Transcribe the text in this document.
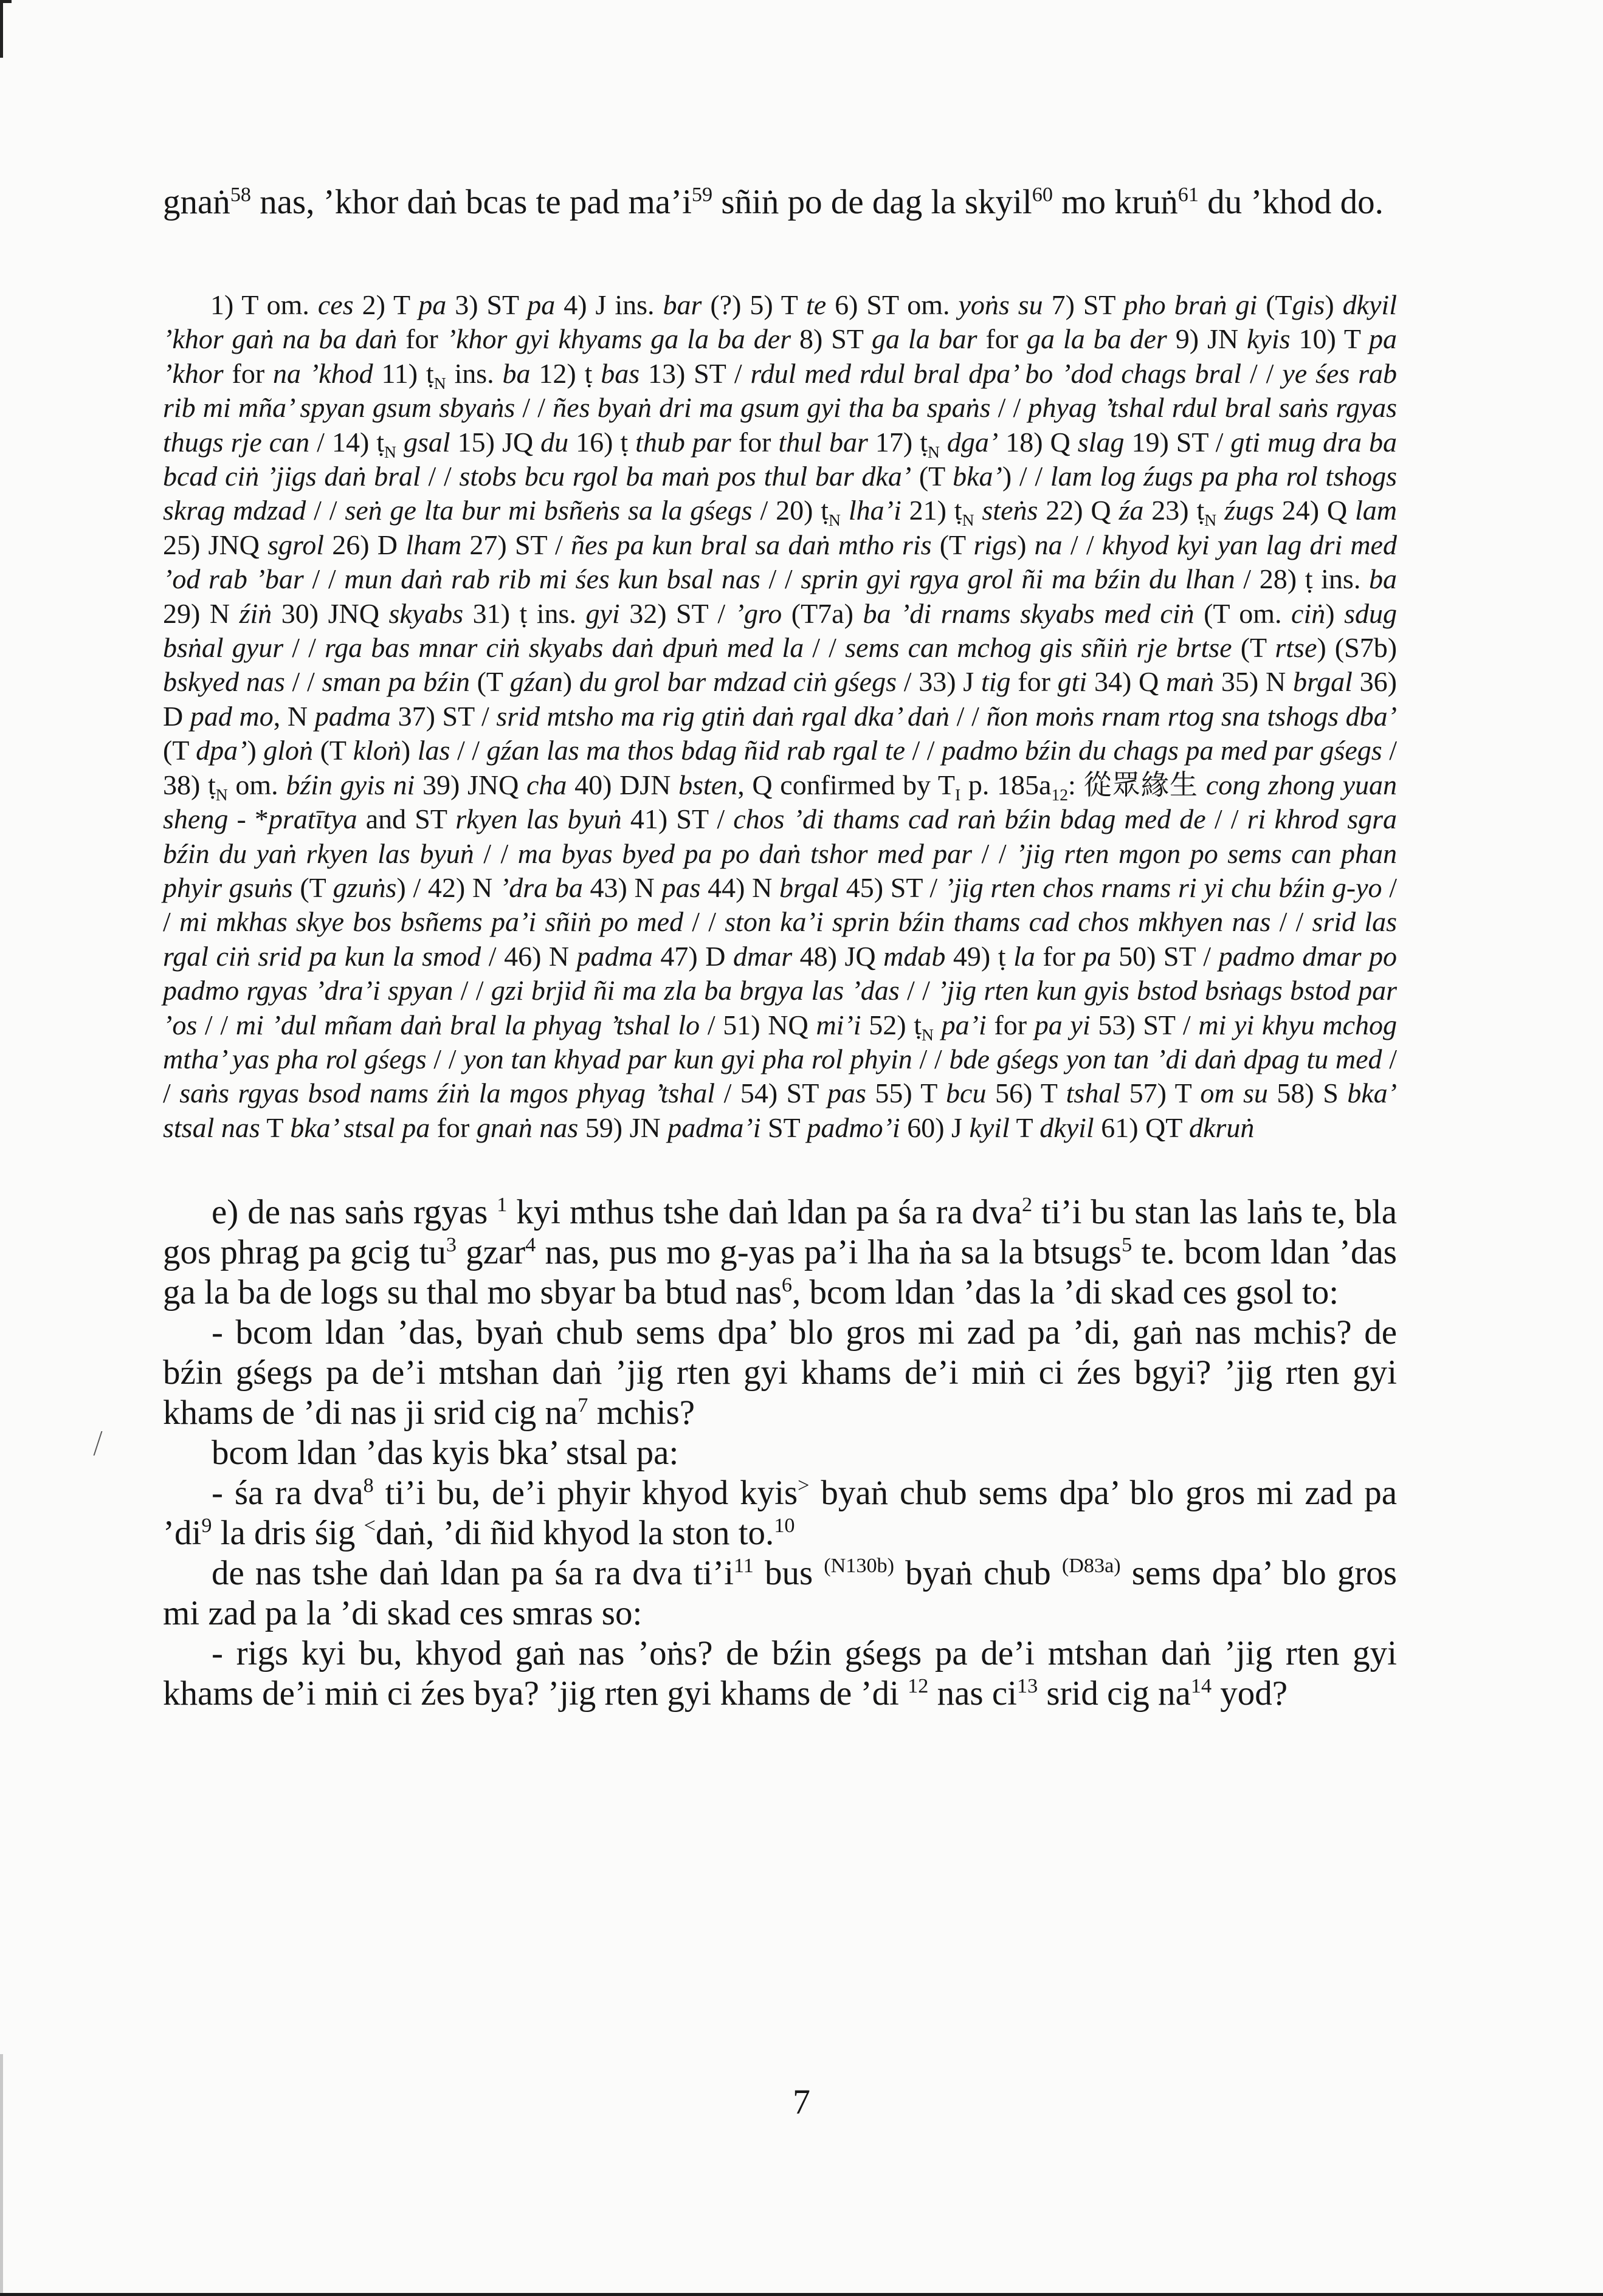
gnaṅ$^{58}$ nas, ’khor daṅ bcas te pad $ma’i^{59}$ sñiṅ po de dag la skyil$^{60}$ mo kruṅ$^{61}$ du ’khod do.

1) T om. ces 2) T pa 3) ST pa 4) J ins. bar (?) 5) T te 6) ST om. yoṅs su 7) ST pho braṅ gi (Tgis) dkyil ’khor gaṅ na ba daṅ for ’khor gyi khyams ga la ba der 8) ST ga la bar for ga la ba der 9) JN kyis 10) T pa ’khor for na ’khod 11) ṭ$_N$ ins. ba 12) ṭ bas 13) ST / rdul med rdul bral dpa’ bo ’dod chags bral / / ye śes rab rib mi mña’ spyan gsum sbyaṅs / / ñes byaṅ dri ma gsum gyi tha ba spaṅs / / phyag ’tshal rdul bral saṅs rgyas thugs rje can / 14) ṭ$_N$ gsal 15) JQ du 16) ṭ thub par for thul bar 17) ṭ$_N$ dga’ 18) Q slag 19) ST / gti mug dra ba bcad ciṅ ’jigs daṅ bral / / stobs bcu rgol ba maṅ pos thul bar dka’ (T bka’) / / lam log źugs pa pha rol tshogs skrag mdzad / / seṅ ge lta bur mi bsñeṅs sa la gśegs / 20) ṭ$_N$ lha’i 21) ṭ$_N$ steṅs 22) Q źa 23) ṭ$_N$ źugs 24) Q lam 25) JNQ sgrol 26) D lham 27) ST / ñes pa kun bral sa daṅ mtho ris (T rigs) na / / khyod kyi yan lag dri med ’od rab ’bar / / mun daṅ rab rib mi śes kun bsal nas / / sprin gyi rgya grol ñi ma bźin du lhan / 28) ṭ ins. ba 29) N źiṅ 30) JNQ skyabs 31) ṭ ins. gyi 32) ST / ’gro (T7a) ba ’di rnams skyabs med ciṅ (T om. ciṅ) sdug bsṅal gyur / / rga bas mnar ciṅ skyabs daṅ dpuṅ med la / / sems can mchog gis sñiṅ rje brtse (T rtse) (S7b) bskyed nas / / sman pa bźin (T gźan) du grol bar mdzad ciṅ gśegs / 33) J tig for gti 34) Q maṅ 35) N brgal 36) D pad mo, N padma 37) ST / srid mtsho ma rig gtiṅ daṅ rgal dka’ daṅ / / ñon moṅs rnam rtog sna tshogs dba’ (T dpa’) gloṅ (T kloṅ) las / / gźan las ma thos bdag ñid rab rgal te / / padmo bźin du chags pa med par gśegs / 38) ṭ$_N$ om. bźin gyis ni 39) JNQ cha 40) DJN bsten, Q confirmed by $T_I$ p. $185a_{12}$: 從眾緣生 cong zhong yuan sheng - *pratītya and ST rkyen las byuṅ 41) ST / chos ’di thams cad raṅ bźin bdag med de / / ri khrod sgra bźin du yaṅ rkyen las byuṅ / / ma byas byed pa po daṅ tshor med par / / ’jig rten mgon po sems can phan phyir gsuṅs (T gzuṅs) / 42) N ’dra ba 43) N pas 44) N brgal 45) ST / ’jig rten chos rnams ri yi chu bźin g-yo / / mi mkhas skye bos bsñems pa’i sñiṅ po med / / ston ka’i sprin bźin thams cad chos mkhyen nas / / srid las rgal ciṅ srid pa kun la smod / 46) N padma 47) D dmar 48) JQ mdab 49) ṭ la for pa 50) ST / padmo dmar po padmo rgyas ’dra’i spyan / / gzi brjid ñi ma zla ba brgya las ’das / / ’jig rten kun gyis bstod bsṅags bstod par ’os / / mi ’dul mñam daṅ bral la phyag ’tshal lo / 51) NQ mi’i 52) ṭ$_N$ pa’i for pa yi 53) ST / mi yi khyu mchog mtha’ yas pha rol gśegs / / yon tan khyad par kun gyi pha rol phyin / / bde gśegs yon tan ’di daṅ dpag tu med / / saṅs rgyas bsod nams źiṅ la mgos phyag ’tshal / 54) ST pas 55) T bcu 56) T tshal 57) T om su 58) S bka’ stsal nas T bka’ stsal pa for gnaṅ nas 59) JN padma’i ST padmo’i 60) J kyil T dkyil 61) QT dkruṅ

e) de nas saṅs rgyas $^1$ kyi mthus tshe daṅ ldan pa śa ra dva$^2$ ti’i bu stan las laṅs te, bla gos phrag pa gcig $tu^3$ gzar$^4$ nas, pus mo g-yas pa’i lha ṅa sa la btsugs$^5$ te. bcom ldan ’das ga la ba de logs su thal mo sbyar ba btud nas$^6$, bcom ldan ’das la ’di skad ces gsol to:

- bcom ldan ’das, byaṅ chub sems dpa’ blo gros mi zad pa ’di, gaṅ nas mchis? de bźin gśegs pa de’i mtshan daṅ ’jig rten gyi khams de’i miṅ ci źes bgyi? ’jig rten gyi khams de ’di nas ji srid cig $na^7$ mchis?

bcom ldan ’das kyis bka’ stsal pa:

- śa ra dva$^8$ ti’i bu, de’i phyir khyod kyis> byaṅ chub sems dpa’ blo gros mi zad pa $’di^9$ la dris śig <daṅ, ’di ñid khyod la ston to.$^{10}$

de nas tshe daṅ ldan pa śa ra dva $ti’i^{11}$ bus $^{(N130b)}$ byaṅ chub $^{(D83a)}$ sems dpa’ blo gros mi zad pa la ’di skad ces smras so:

- rigs kyi bu, khyod gaṅ nas ’oṅs? de bźin gśegs pa de’i mtshan daṅ ’jig rten gyi khams de’i miṅ ci źes bya? ’jig rten gyi khams de ’di $^{12}$ nas $ci^{13}$ srid cig $na^{14}$ yod?

7
